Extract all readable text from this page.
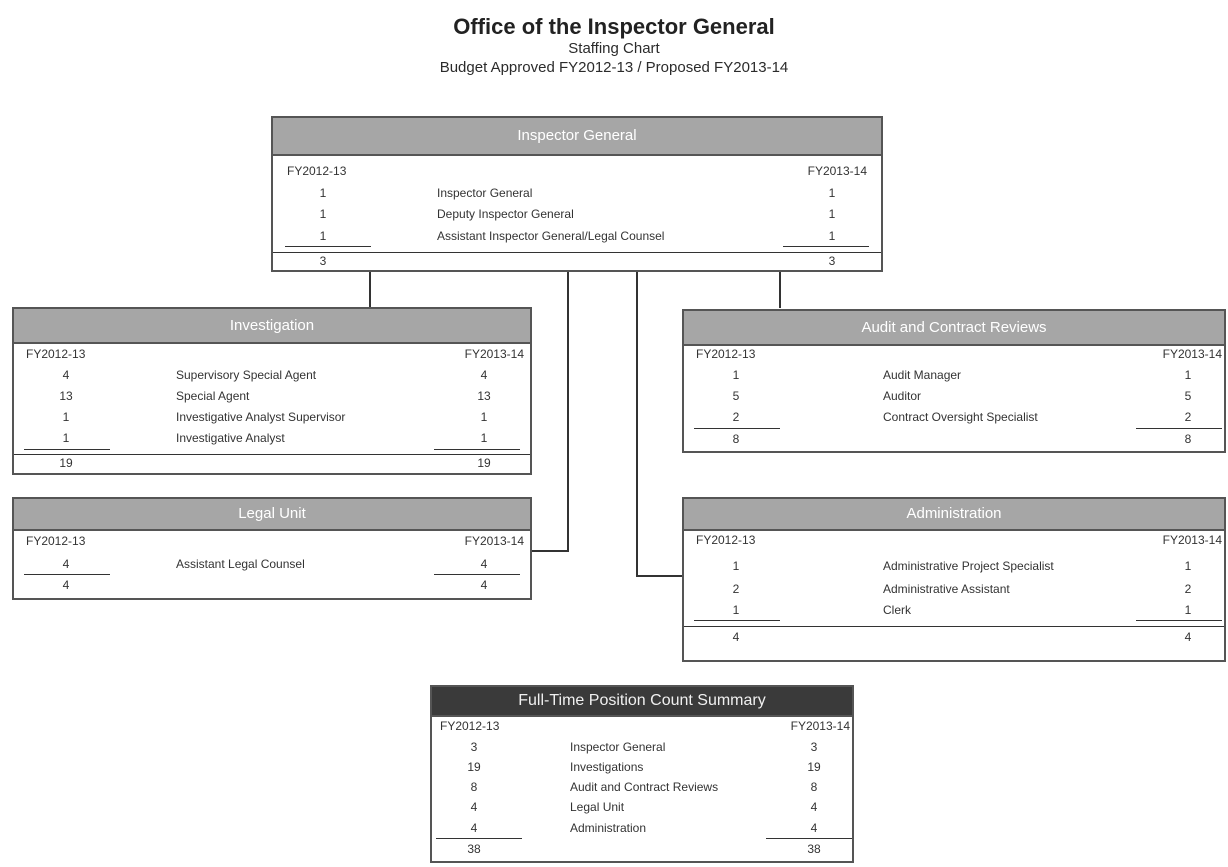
Office of the Inspector General
Staffing Chart
Budget Approved FY2012-13 / Proposed FY2013-14
Inspector General
FY2012-13	FY2013-14
1	Inspector General	1
1	Deputy Inspector General	1
1	Assistant Inspector General/Legal Counsel	1
3	3
Investigation
FY2012-13	FY2013-14
4	Supervisory Special Agent	4
13	Special Agent	13
1	Investigative Analyst Supervisor	1
1	Investigative Analyst	1
19	19
Legal Unit
FY2012-13	FY2013-14
4	Assistant Legal Counsel	4
4	4
Audit and Contract Reviews
FY2012-13	FY2013-14
1	Audit Manager	1
5	Auditor	5
2	Contract Oversight Specialist	2
8	8
Administration
FY2012-13	FY2013-14
1	Administrative Project Specialist	1
2	Administrative Assistant	2
1	Clerk	1
4	4
Full-Time Position Count Summary
FY2012-13	FY2013-14
3	Inspector General	3
19	Investigations	19
8	Audit and Contract Reviews	8
4	Legal Unit	4
4	Administration	4
38	38
